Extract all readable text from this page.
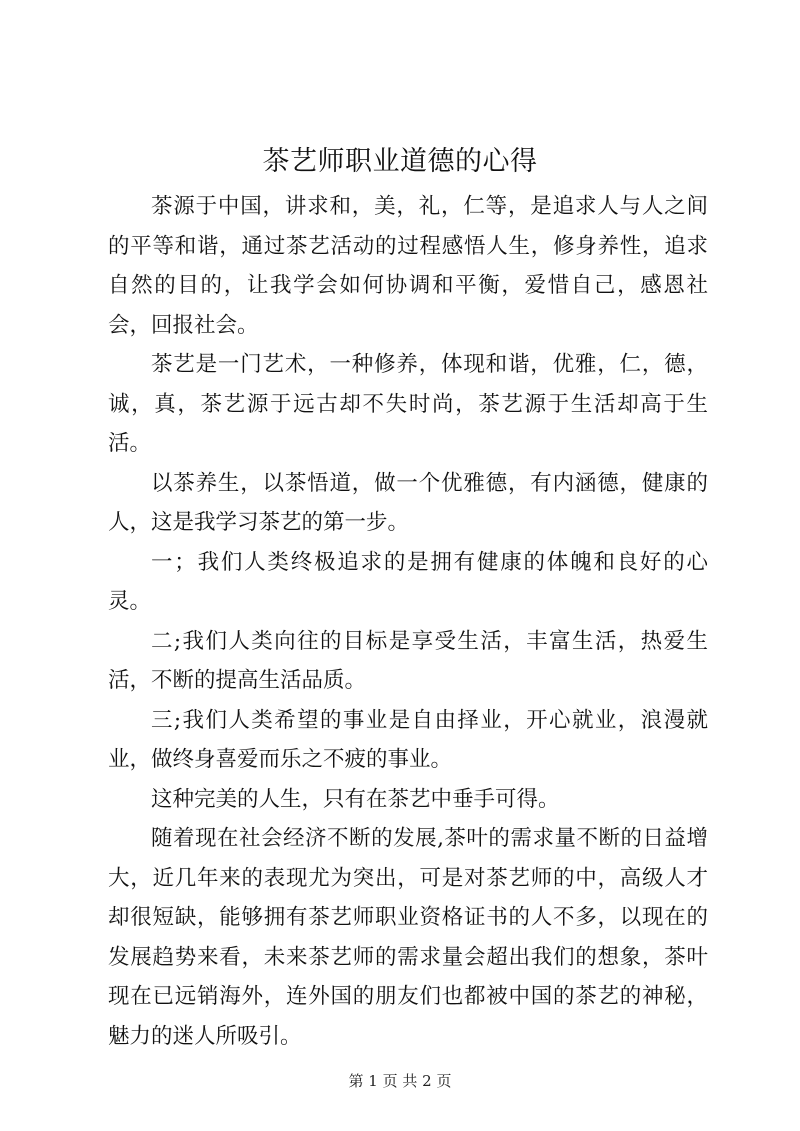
茶艺师职业道德的心得

茶源于中国，讲求和，美，礼，仁等，是追求人与人之间的平等和谐，通过茶艺活动的过程感悟人生，修身养性，追求自然的目的，让我学会如何协调和平衡，爱惜自己，感恩社会，回报社会。

茶艺是一门艺术，一种修养，体现和谐，优雅，仁，德，诚，真，茶艺源于远古却不失时尚，茶艺源于生活却高于生活。

以茶养生，以茶悟道，做一个优雅德，有内涵德，健康的人，这是我学习茶艺的第一步。

一；我们人类终极追求的是拥有健康的体魄和良好的心灵。

二;我们人类向往的目标是享受生活，丰富生活，热爱生活，不断的提高生活品质。

三;我们人类希望的事业是自由择业，开心就业，浪漫就业，做终身喜爱而乐之不疲的事业。

这种完美的人生，只有在茶艺中垂手可得。

随着现在社会经济不断的发展,茶叶的需求量不断的日益增大，近几年来的表现尤为突出，可是对茶艺师的中，高级人才却很短缺，能够拥有茶艺师职业资格证书的人不多，以现在的发展趋势来看，未来茶艺师的需求量会超出我们的想象，茶叶现在已远销海外，连外国的朋友们也都被中国的茶艺的神秘，魅力的迷人所吸引。

第 1 页 共 2 页
